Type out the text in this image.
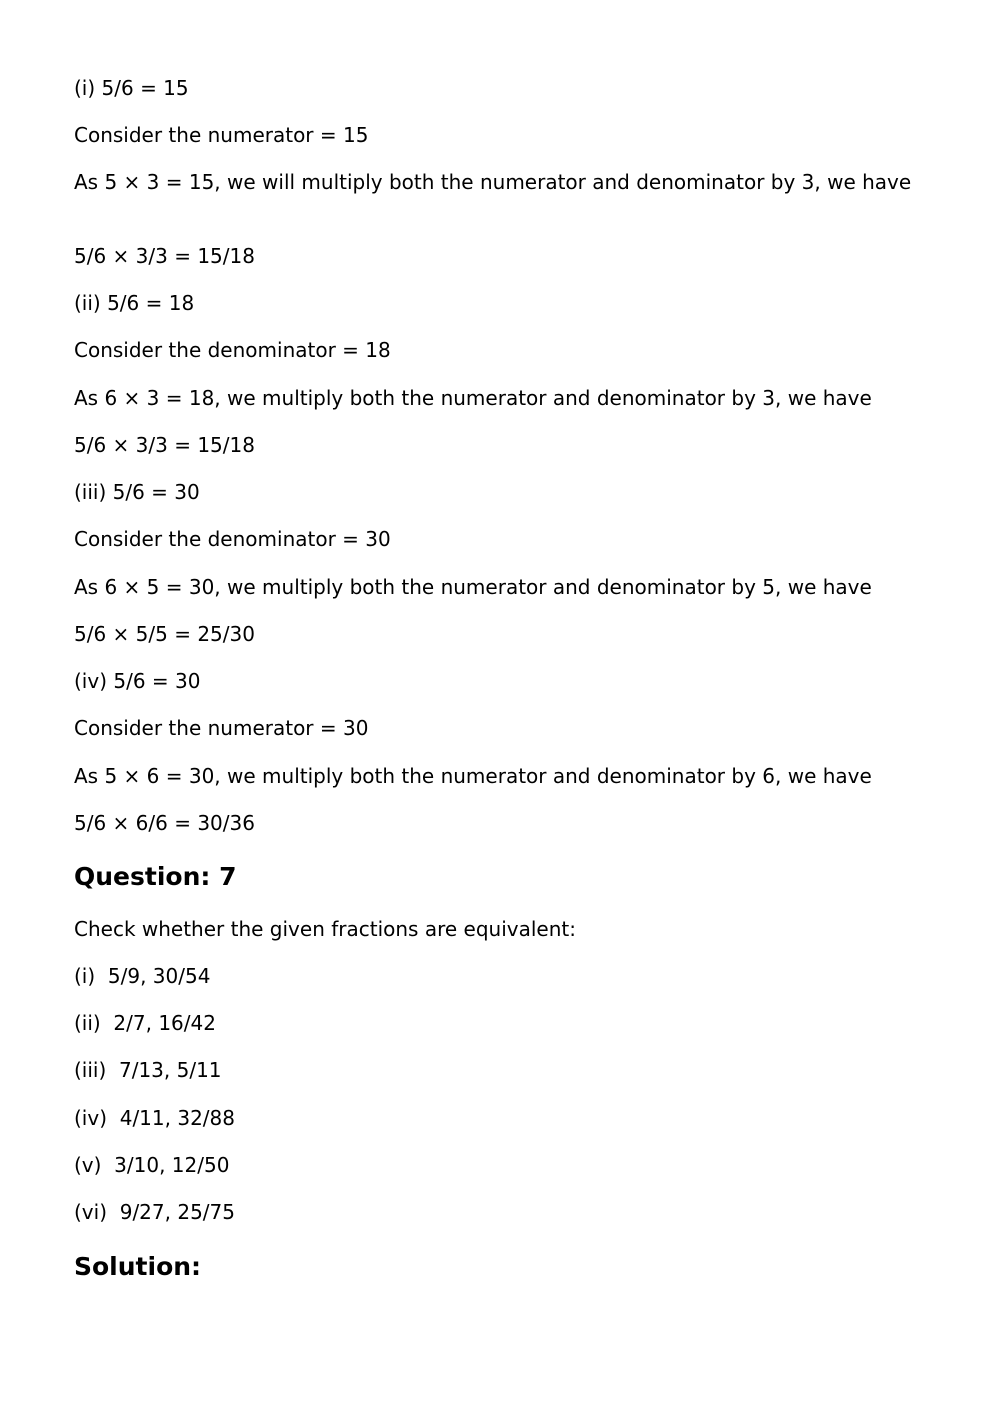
(i) 5/6 = 15

Consider the numerator = 15

As 5 × 3 = 15, we will multiply both the numerator and denominator by 3, we have

5/6 × 3/3 = 15/18

(ii) 5/6 = 18

Consider the denominator = 18

As 6 × 3 = 18, we multiply both the numerator and denominator by 3, we have

5/6 × 3/3 = 15/18

(iii) 5/6 = 30

Consider the denominator = 30

As 6 × 5 = 30, we multiply both the numerator and denominator by 5, we have

5/6 × 5/5 = 25/30

(iv) 5/6 = 30

Consider the numerator = 30

As 5 × 6 = 30, we multiply both the numerator and denominator by 6, we have

5/6 × 6/6 = 30/36

Question: 7

Check whether the given fractions are equivalent:

(i)  5/9, 30/54

(ii)  2/7, 16/42

(iii)  7/13, 5/11

(iv)  4/11, 32/88

(v)  3/10, 12/50

(vi)  9/27, 25/75

Solution:
